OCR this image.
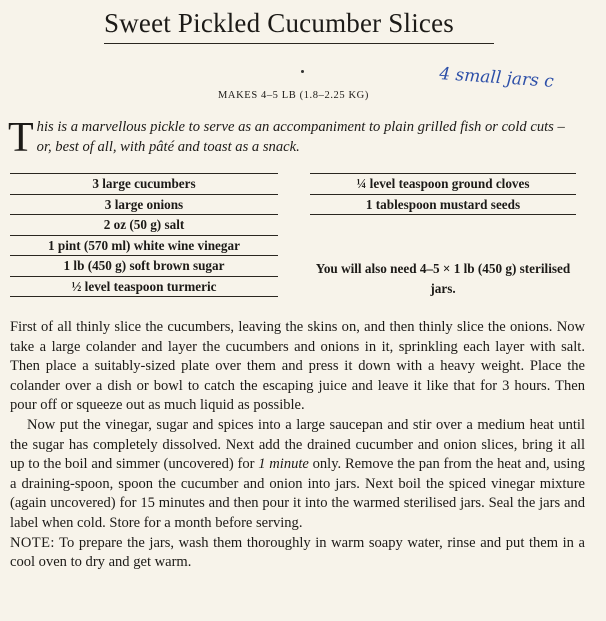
Sweet Pickled Cucumber Slices
MAKES 4–5 LB (1.8–2.25 KG)
4 small jars c
This is a marvellous pickle to serve as an accompaniment to plain grilled fish or cold cuts – or, best of all, with pâté and toast as a snack.
3 large cucumbers
3 large onions
2 oz (50 g) salt
1 pint (570 ml) white wine vinegar
1 lb (450 g) soft brown sugar
½ level teaspoon turmeric
¼ level teaspoon ground cloves
1 tablespoon mustard seeds
You will also need 4–5 × 1 lb (450 g) sterilised jars.

First of all thinly slice the cucumbers, leaving the skins on, and then thinly slice the onions. Now take a large colander and layer the cucumbers and onions in it, sprinkling each layer with salt. Then place a suitably-sized plate over them and press it down with a heavy weight. Place the colander over a dish or bowl to catch the escaping juice and leave it like that for 3 hours. Then pour off or squeeze out as much liquid as possible.

Now put the vinegar, sugar and spices into a large saucepan and stir over a medium heat until the sugar has completely dissolved. Next add the drained cucumber and onion slices, bring it all up to the boil and simmer (uncovered) for 1 minute only. Remove the pan from the heat and, using a draining-spoon, spoon the cucumber and onion into jars. Next boil the spiced vinegar mixture (again uncovered) for 15 minutes and then pour it into the warmed sterilised jars. Seal the jars and label when cold. Store for a month before serving.

NOTE: To prepare the jars, wash them thoroughly in warm soapy water, rinse and put them in a cool oven to dry and get warm.
